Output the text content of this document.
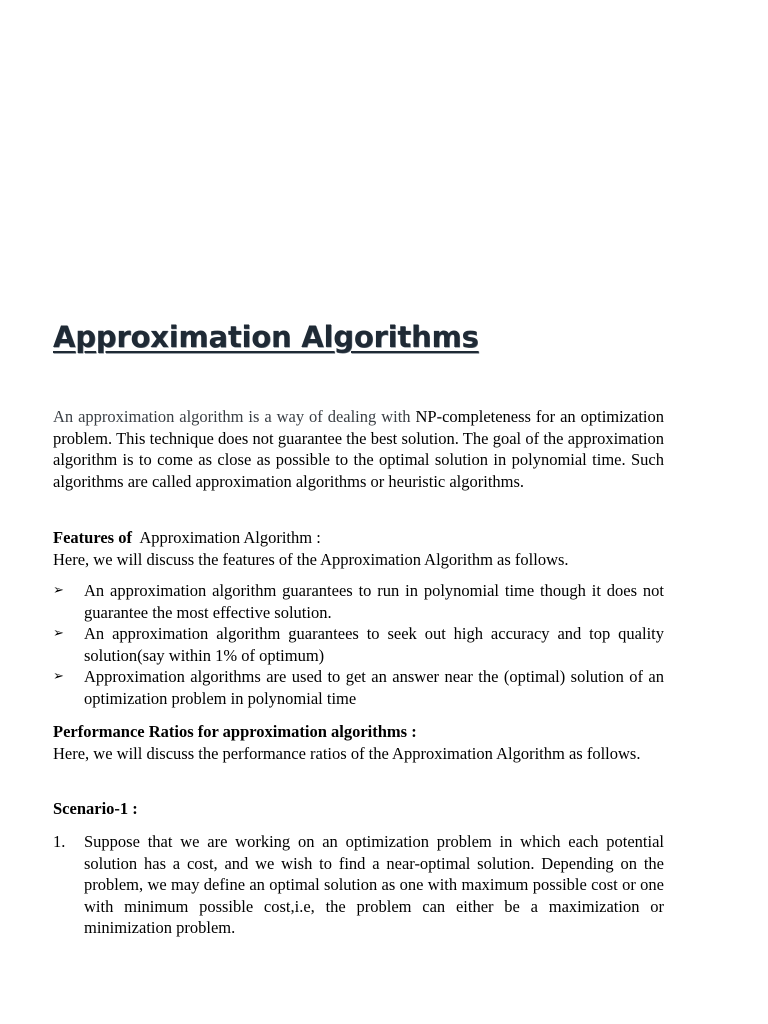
Approximation Algorithms
An approximation algorithm is a way of dealing with NP-completeness for an optimization problem. This technique does not guarantee the best solution. The goal of the approximation algorithm is to come as close as possible to the optimal solution in polynomial time. Such algorithms are called approximation algorithms or heuristic algorithms.

Features of Approximation Algorithm :

Here, we will discuss the features of the Approximation Algorithm as follows.

➢ An approximation algorithm guarantees to run in polynomial time though it does not guarantee the most effective solution.
➢ An approximation algorithm guarantees to seek out high accuracy and top quality solution(say within 1% of optimum)
➢ Approximation algorithms are used to get an answer near the (optimal) solution of an optimization problem in polynomial time

Performance Ratios for approximation algorithms :

Here, we will discuss the performance ratios of the Approximation Algorithm as follows.

Scenario-1 :

1. Suppose that we are working on an optimization problem in which each potential solution has a cost, and we wish to find a near-optimal solution. Depending on the problem, we may define an optimal solution as one with maximum possible cost or one with minimum possible cost,i.e, the problem can either be a maximization or minimization problem.
